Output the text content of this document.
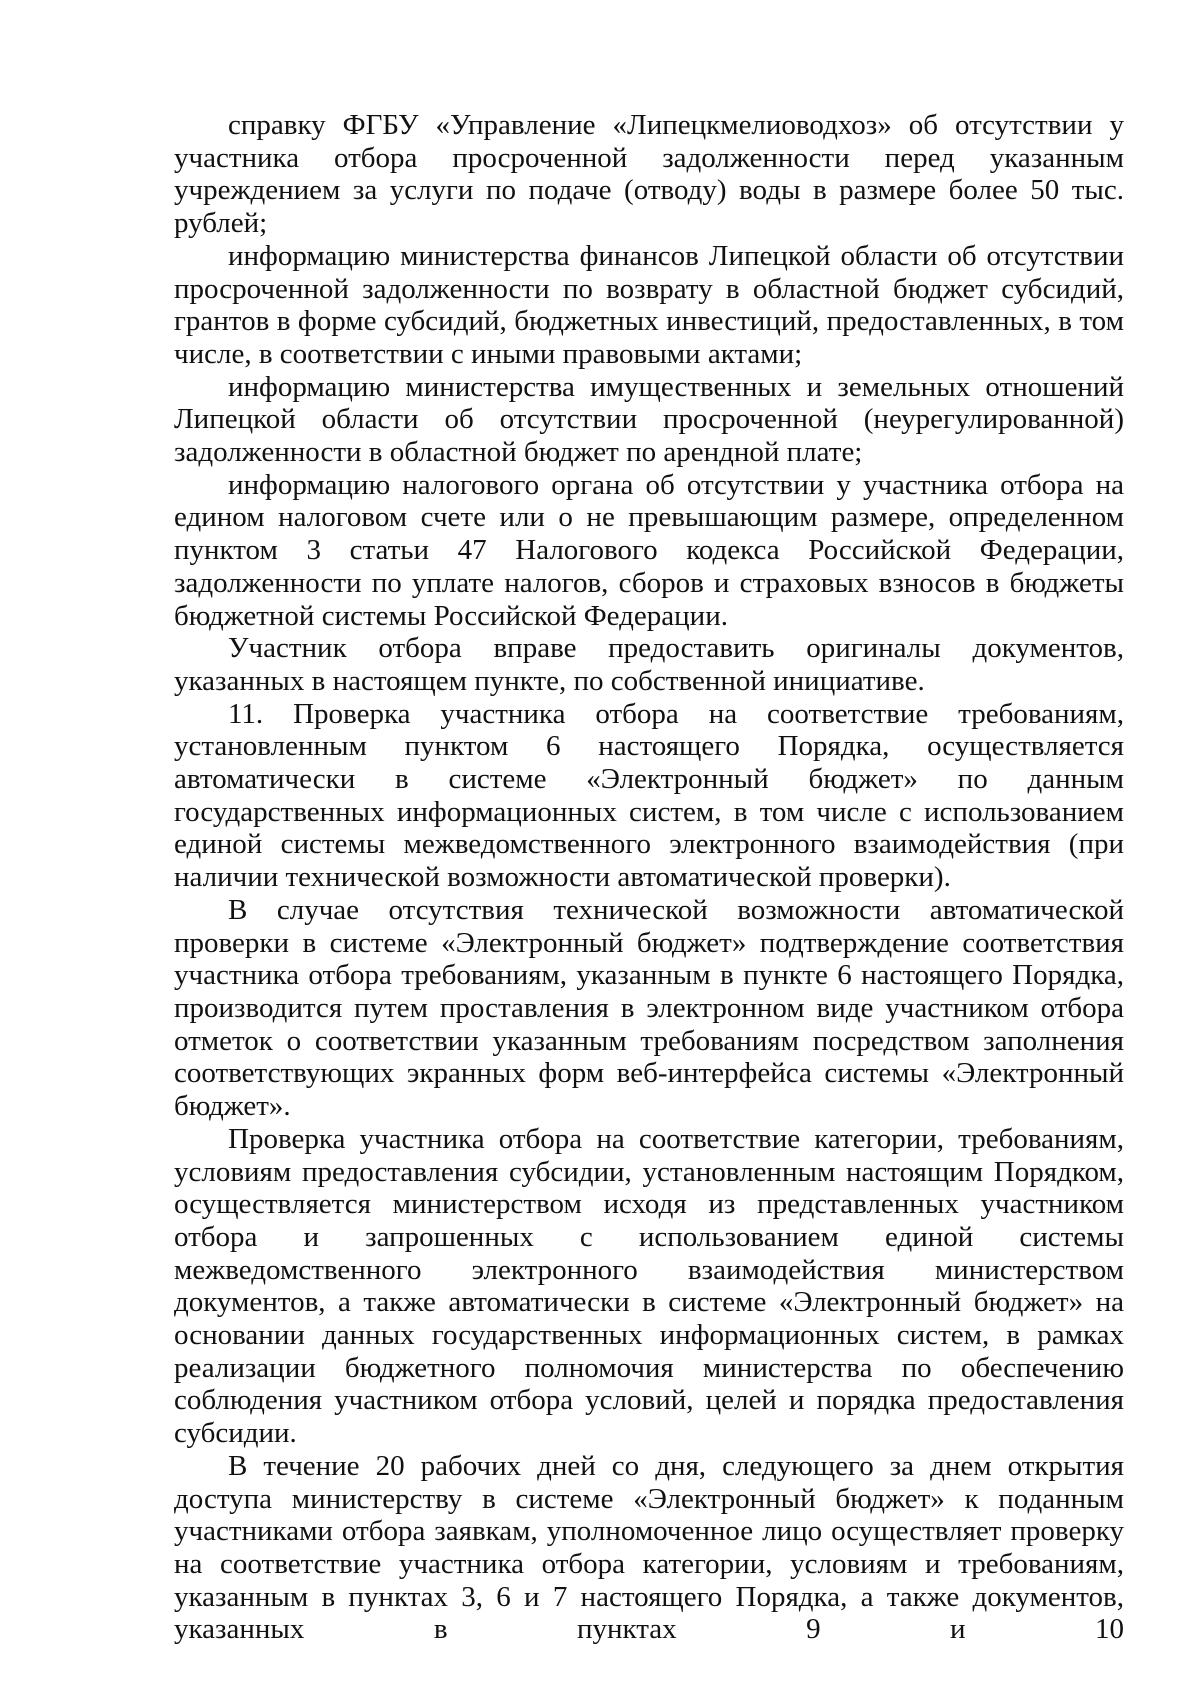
справку ФГБУ «Управление «Липецкмелиоводхоз» об отсутствии у участника отбора просроченной задолженности перед указанным учреждением за услуги по подаче (отводу) воды в размере более 50 тыс. рублей;

информацию министерства финансов Липецкой области об отсутствии просроченной задолженности по возврату в областной бюджет субсидий, грантов в форме субсидий, бюджетных инвестиций, предоставленных, в том числе, в соответствии с иными правовыми актами;

информацию министерства имущественных и земельных отношений Липецкой области об отсутствии просроченной (неурегулированной) задолженности в областной бюджет по арендной плате;

информацию налогового органа об отсутствии у участника отбора на едином налоговом счете или о не превышающим размере, определенном пунктом 3 статьи 47 Налогового кодекса Российской Федерации, задолженности по уплате налогов, сборов и страховых взносов в бюджеты бюджетной системы Российской Федерации.

Участник отбора вправе предоставить оригиналы документов, указанных в настоящем пункте, по собственной инициативе.

11. Проверка участника отбора на соответствие требованиям, установленным пунктом 6 настоящего Порядка, осуществляется автоматически в системе «Электронный бюджет» по данным государственных информационных систем, в том числе с использованием единой системы межведомственного электронного взаимодействия (при наличии технической возможности автоматической проверки).

В случае отсутствия технической возможности автоматической проверки в системе «Электронный бюджет» подтверждение соответствия участника отбора требованиям, указанным в пункте 6 настоящего Порядка, производится путем проставления в электронном виде участником отбора отметок о соответствии указанным требованиям посредством заполнения соответствующих экранных форм веб-интерфейса системы «Электронный бюджет».

Проверка участника отбора на соответствие категории, требованиям, условиям предоставления субсидии, установленным настоящим Порядком, осуществляется министерством исходя из представленных участником отбора и запрошенных с использованием единой системы межведомственного электронного взаимодействия министерством документов, а также автоматически в системе «Электронный бюджет» на основании данных государственных информационных систем, в рамках реализации бюджетного полномочия министерства по обеспечению соблюдения участником отбора условий, целей и порядка предоставления субсидии.

В течение 20 рабочих дней со дня, следующего за днем открытия доступа министерству в системе «Электронный бюджет» к поданным участниками отбора заявкам, уполномоченное лицо осуществляет проверку на соответствие участника отбора категории, условиям и требованиям, указанным в пунктах 3, 6 и 7 настоящего Порядка, а также документов, указанных в пунктах 9 и 10
